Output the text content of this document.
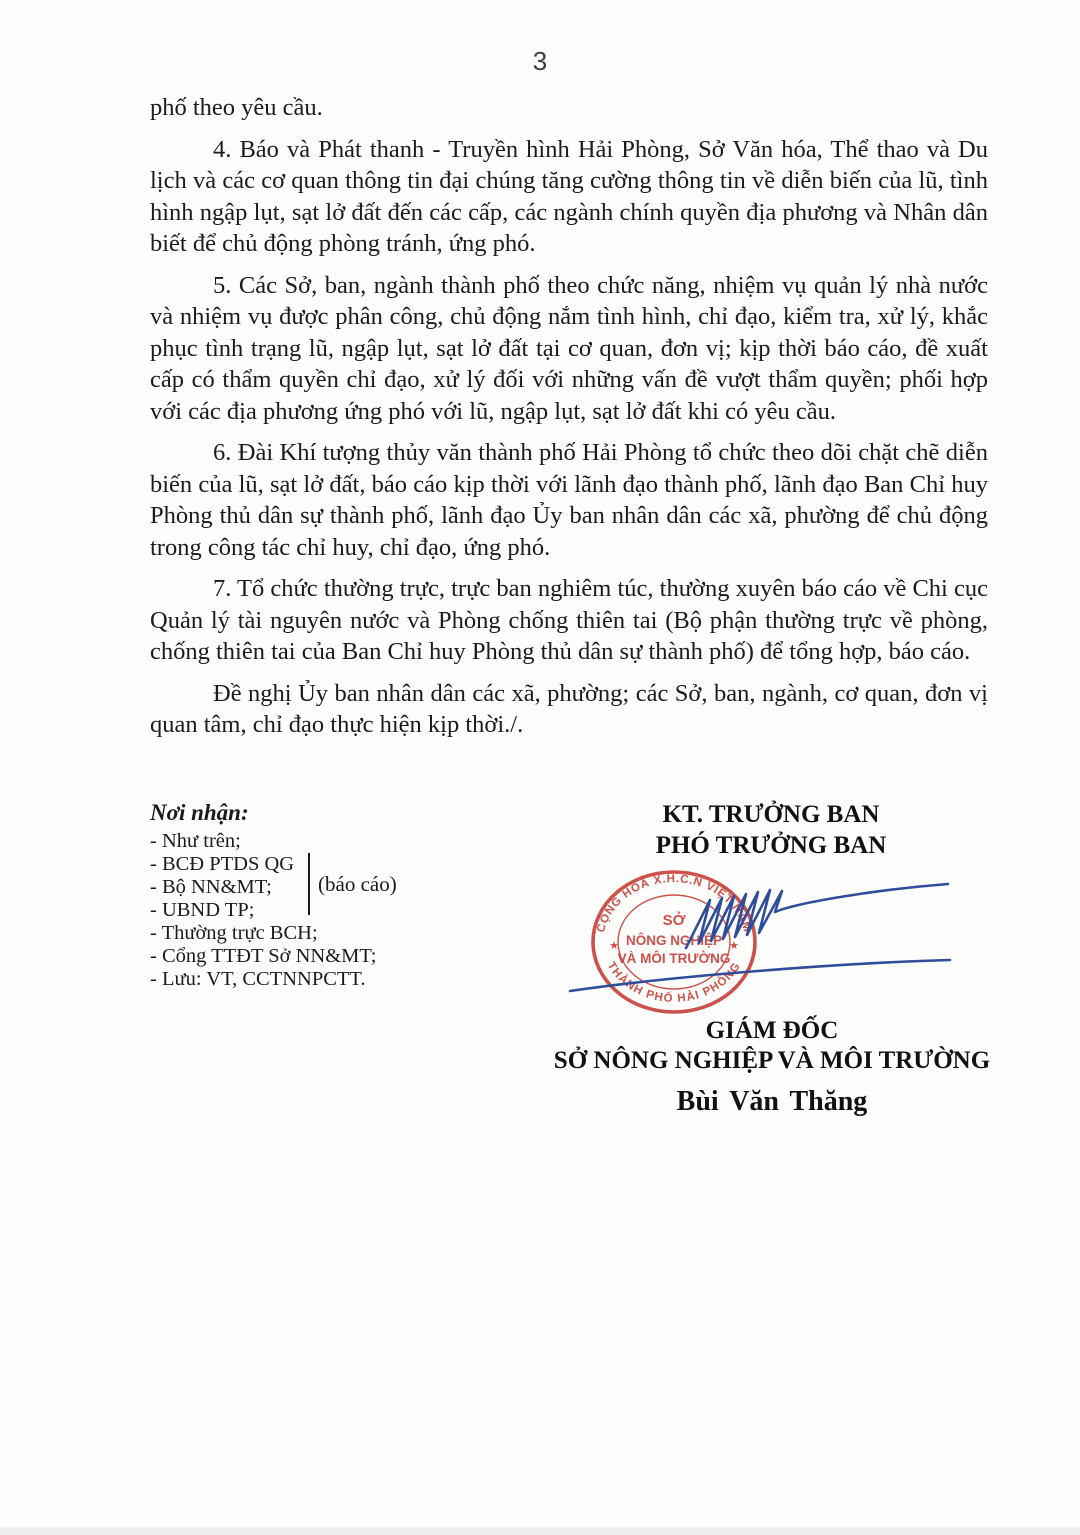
3

phố theo yêu cầu.

4. Báo và Phát thanh - Truyền hình Hải Phòng, Sở Văn hóa, Thể thao và Du lịch và các cơ quan thông tin đại chúng tăng cường thông tin về diễn biến của lũ, tình hình ngập lụt, sạt lở đất đến các cấp, các ngành chính quyền địa phương và Nhân dân biết để chủ động phòng tránh, ứng phó.

5. Các Sở, ban, ngành thành phố theo chức năng, nhiệm vụ quản lý nhà nước và nhiệm vụ được phân công, chủ động nắm tình hình, chỉ đạo, kiểm tra, xử lý, khắc phục tình trạng lũ, ngập lụt, sạt lở đất tại cơ quan, đơn vị; kịp thời báo cáo, đề xuất cấp có thẩm quyền chỉ đạo, xử lý đối với những vấn đề vượt thẩm quyền; phối hợp với các địa phương ứng phó với lũ, ngập lụt, sạt lở đất khi có yêu cầu.

6. Đài Khí tượng thủy văn thành phố Hải Phòng tổ chức theo dõi chặt chẽ diễn biến của lũ, sạt lở đất, báo cáo kịp thời với lãnh đạo thành phố, lãnh đạo Ban Chỉ huy Phòng thủ dân sự thành phố, lãnh đạo Ủy ban nhân dân các xã, phường để chủ động trong công tác chỉ huy, chỉ đạo, ứng phó.

7. Tổ chức thường trực, trực ban nghiêm túc, thường xuyên báo cáo về Chi cục Quản lý tài nguyên nước và Phòng chống thiên tai (Bộ phận thường trực về phòng, chống thiên tai của Ban Chỉ huy Phòng thủ dân sự thành phố) để tổng hợp, báo cáo.

Đề nghị Ủy ban nhân dân các xã, phường; các Sở, ban, ngành, cơ quan, đơn vị quan tâm, chỉ đạo thực hiện kịp thời./.

Nơi nhận:

- Như trên;
- BCĐ PTDS QG
- Bộ NN&MT;
- UBND TP;
- Thường trực BCH;
- Cổng TTĐT Sở NN&MT;
- Lưu: VT, CCTNNPCTT.
(báo cáo)
KT. TRƯỞNG BAN
PHÓ TRƯỞNG BAN
CỘNG HOÀ X.H.C.N VIỆT NAM
THÀNH PHỐ HẢI PHÒNG
SỞ
NÔNG NGHIỆP
VÀ MÔI TRƯỜNG
★	★

GIÁM ĐỐC

SỞ NÔNG NGHIỆP VÀ MÔI TRƯỜNG

Bùi Văn Thăng
